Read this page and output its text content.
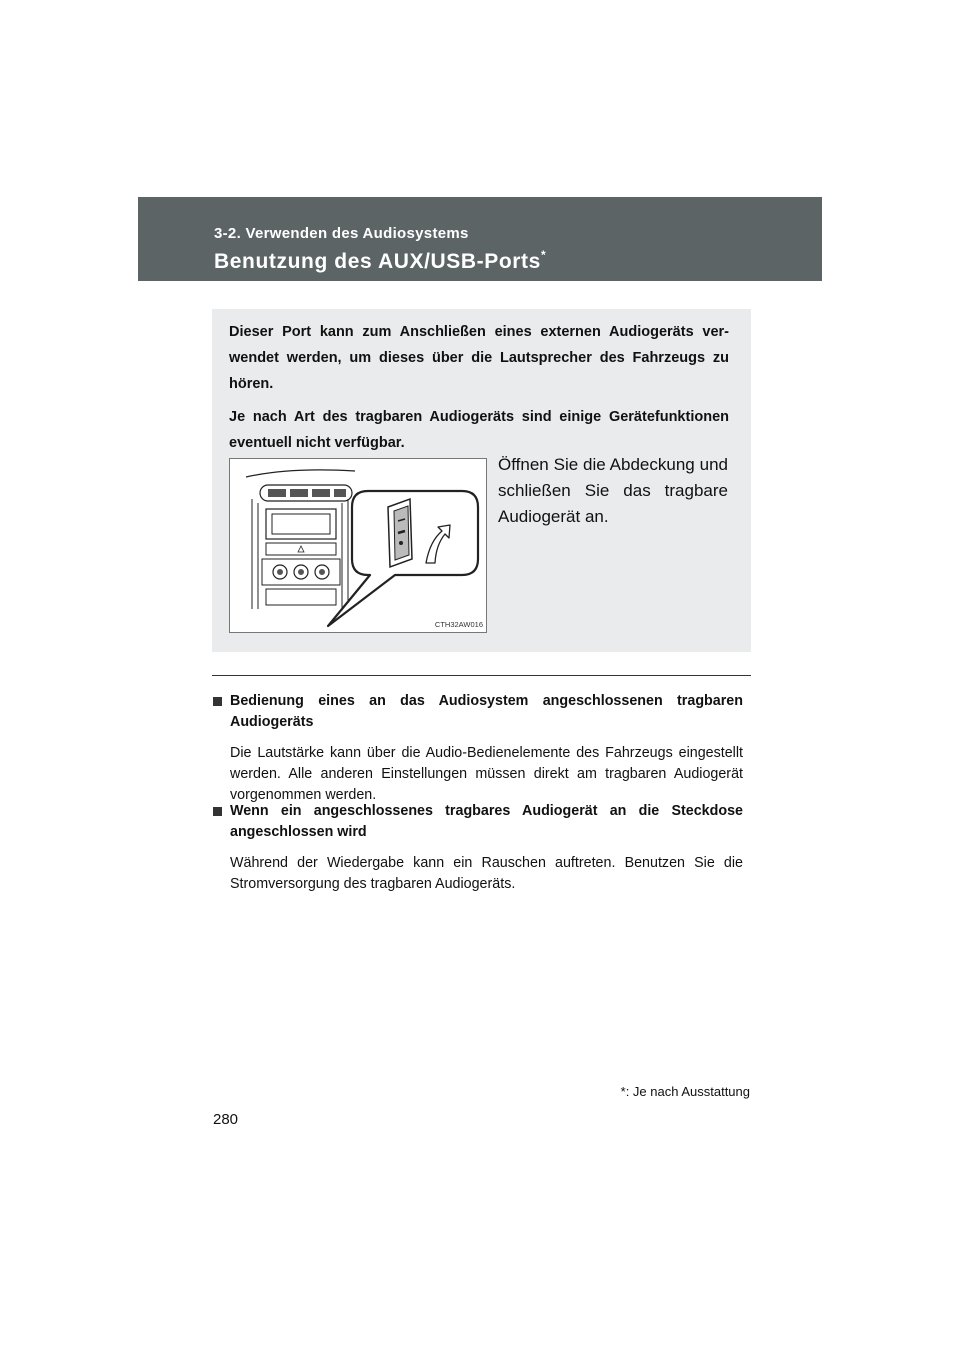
3-2. Verwenden des Audiosystems
Benutzung des AUX/USB-Ports*

Dieser Port kann zum Anschließen eines externen Audiogeräts verwendet werden, um dieses über die Lautsprecher des Fahrzeugs zu hören.

Je nach Art des tragbaren Audiogeräts sind einige Gerätefunktionen eventuell nicht verfügbar.

CTH32AW016

Öffnen Sie die Abdeckung und schließen Sie das tragbare Audiogerät an.

Bedienung eines an das Audiosystem angeschlossenen tragbaren Audiogeräts

Die Lautstärke kann über die Audio-Bedienelemente des Fahrzeugs eingestellt werden. Alle anderen Einstellungen müssen direkt am tragbaren Audiogerät vorgenommen werden.

Wenn ein angeschlossenes tragbares Audiogerät an die Steckdose angeschlossen wird

Während der Wiedergabe kann ein Rauschen auftreten. Benutzen Sie die Stromversorgung des tragbaren Audiogeräts.

*: Je nach Ausstattung
280
